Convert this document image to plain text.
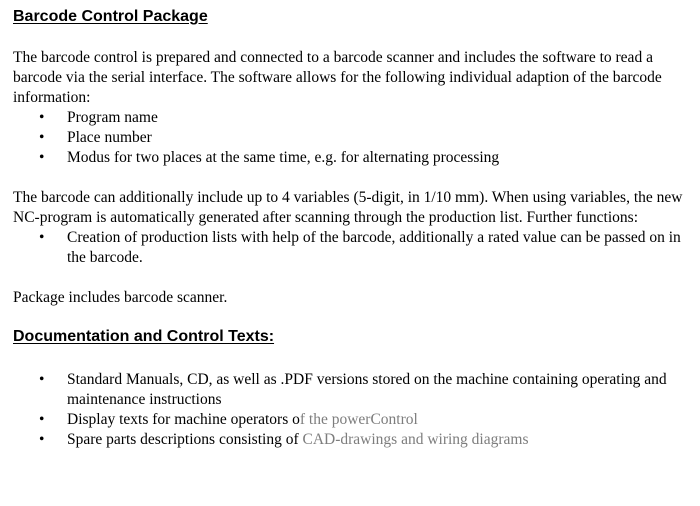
Barcode Control Package

The barcode control is prepared and connected to a barcode scanner and includes the software to read a barcode via the serial interface. The software allows for the following individual adaption of the barcode information:

• Program name
• Place number
• Modus for two places at the same time, e.g. for alternating processing

The barcode can additionally include up to 4 variables (5-digit, in 1/10 mm). When using variables, the new NC-program is automatically generated after scanning through the production list. Further functions:

• Creation of production lists with help of the barcode, additionally a rated value can be passed on in the barcode.

Package includes barcode scanner.

Documentation and Control Texts:
• Standard Manuals, CD, as well as .PDF versions stored on the machine containing operating and maintenance instructions
• Display texts for machine operators of the powerControl
• Spare parts descriptions consisting of CAD-drawings and wiring diagrams
